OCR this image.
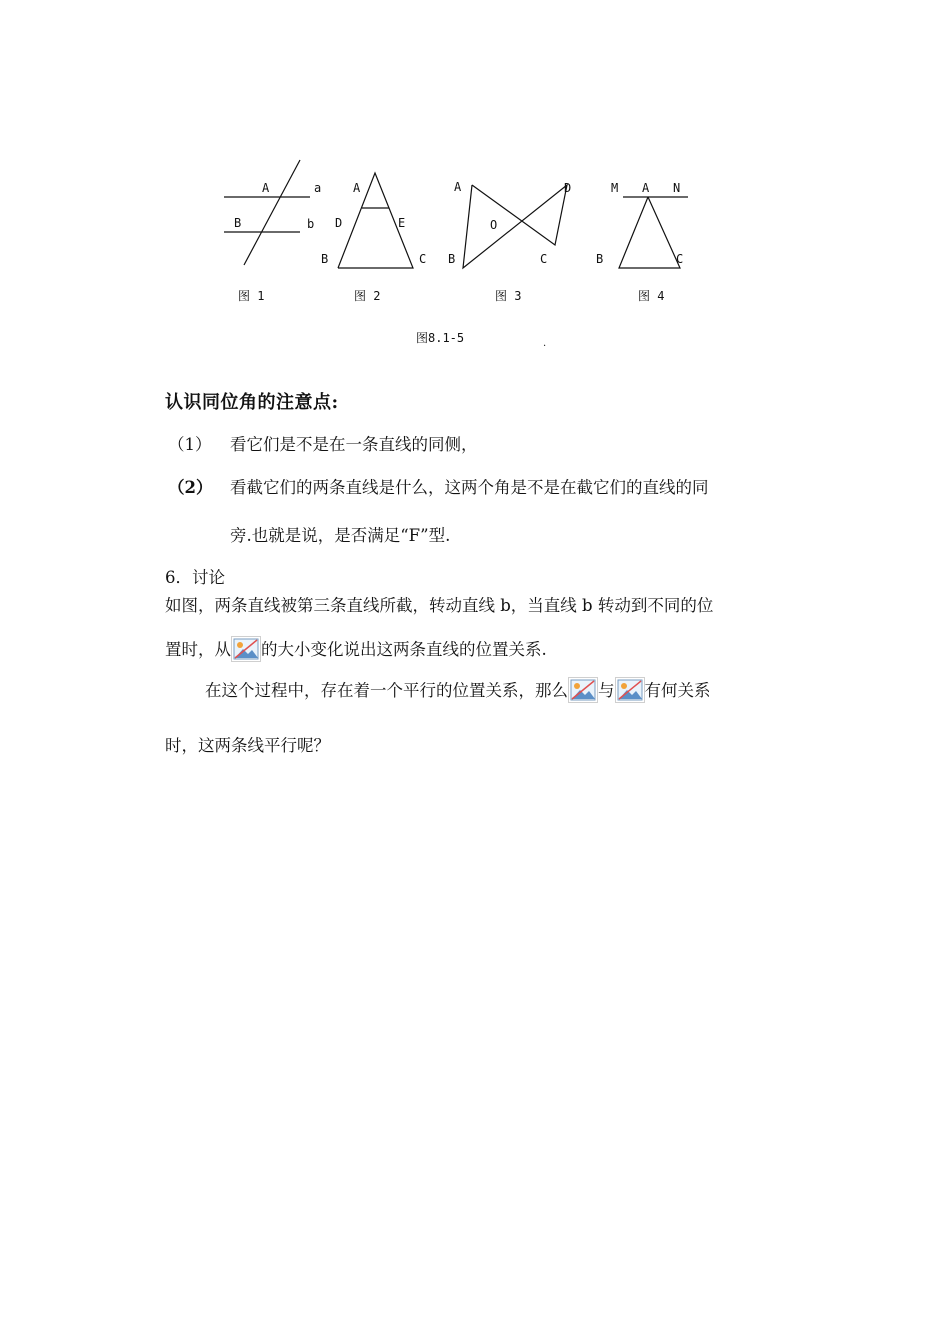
A	a
B	b
图 1
A
D	E
B	C
图 2
A	D
O
B	C
图 3
M A N
B	C
图 4
图8.1-5	.
认识同位角的注意点:
（1） 看它们是不是在一条直线的同侧，
（2） 看截它们的两条直线是什么，这两个角是不是在截它们的直线的同
旁.也就是说，是否满足“F”型.
6．讨论
如图，两条直线被第三条直线所截，转动直线 b，当直线 b 转动到不同的位
置时，从 的大小变化说出这两条直线的位置关系.
在这个过程中，存在着一个平行的位置关系，那么 与 有何关系
时，这两条线平行呢？
